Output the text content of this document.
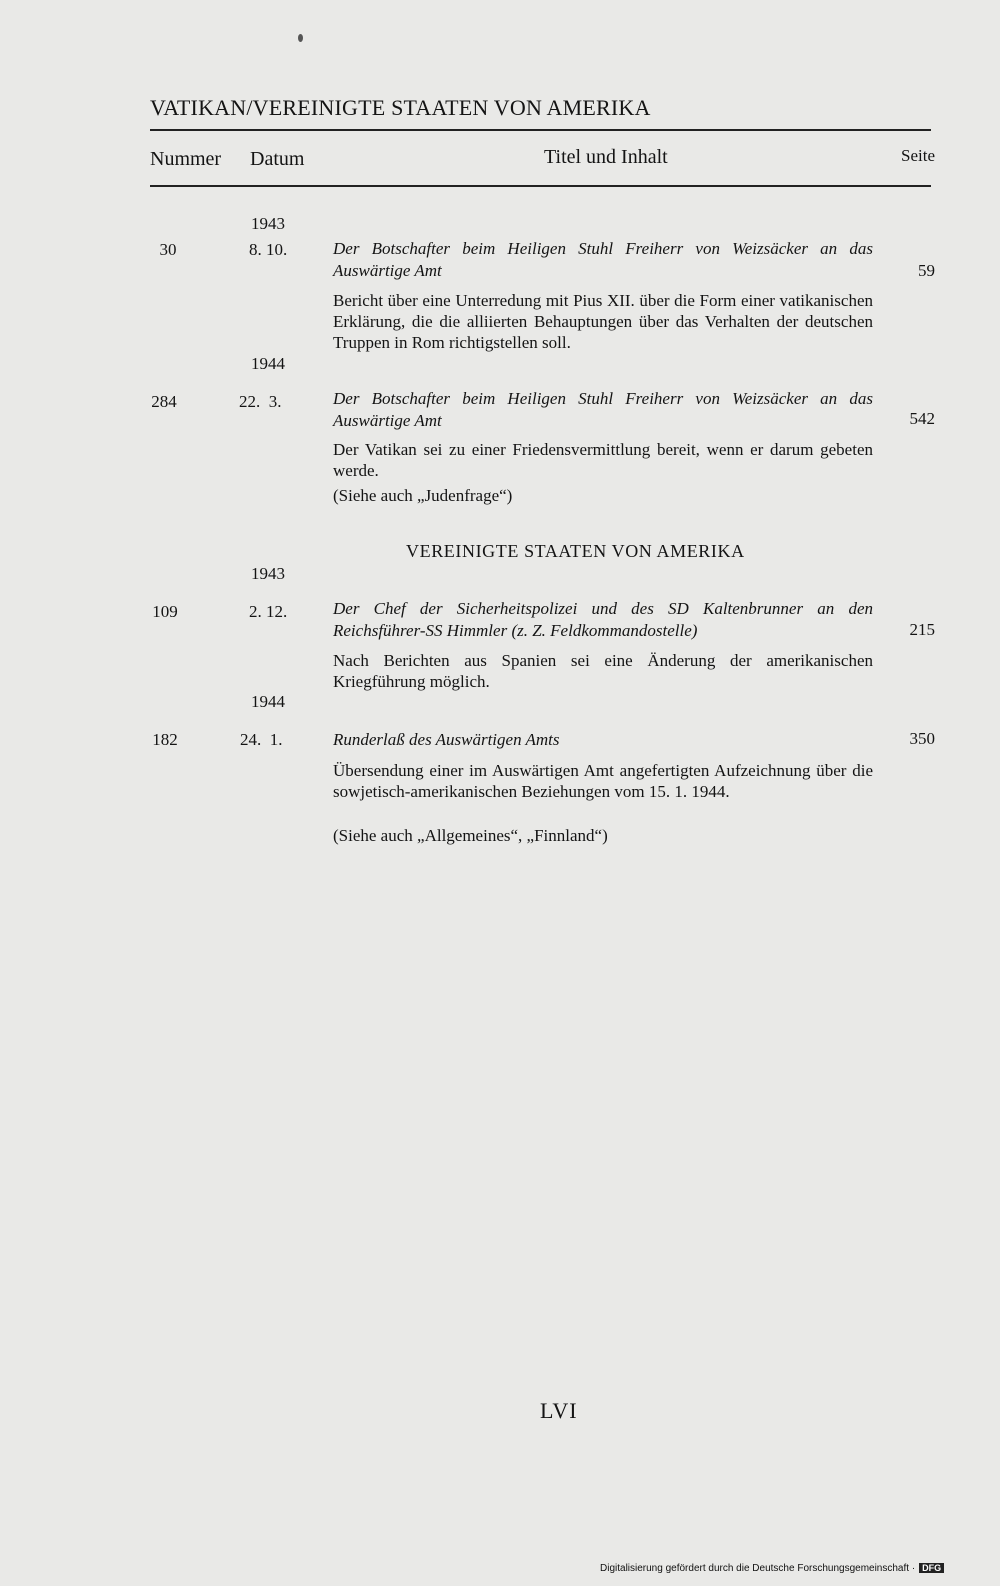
VATIKAN/VEREINIGTE STAATEN VON AMERIKA
Nummer Datum	Titel und Inhalt	Seite
1943
30	8. 10.	Der Botschafter beim Heiligen Stuhl Freiherr von Weizsäcker an das Auswärtige Amt	59
Bericht über eine Unterredung mit Pius XII. über die Form einer vatikanischen Erklärung, die die alliierten Behauptungen über das Verhalten der deutschen Truppen in Rom richtigstellen soll.
1944
284	22.  3.	Der Botschafter beim Heiligen Stuhl Freiherr von Weizsäcker an das Auswärtige Amt	542
Der Vatikan sei zu einer Friedensvermittlung bereit, wenn er darum gebeten werde.
(Siehe auch „Judenfrage“)
VEREINIGTE STAATEN VON AMERIKA
1943
109	2. 12.	Der Chef der Sicherheitspolizei und des SD Kaltenbrunner an den Reichsführer-SS Himmler (z. Z. Feldkommandostelle)	215
Nach Berichten aus Spanien sei eine Änderung der amerikanischen Kriegführung möglich.
1944
182	24.  1.	Runderlaß des Auswärtigen Amts	350
Übersendung einer im Auswärtigen Amt angefertigten Aufzeichnung über die sowjetisch-amerikanischen Beziehungen vom 15. 1. 1944.
(Siehe auch „Allgemeines“, „Finnland“)
LVI
Digitalisierung gefördert durch die Deutsche Forschungsgemeinschaft · DFG
